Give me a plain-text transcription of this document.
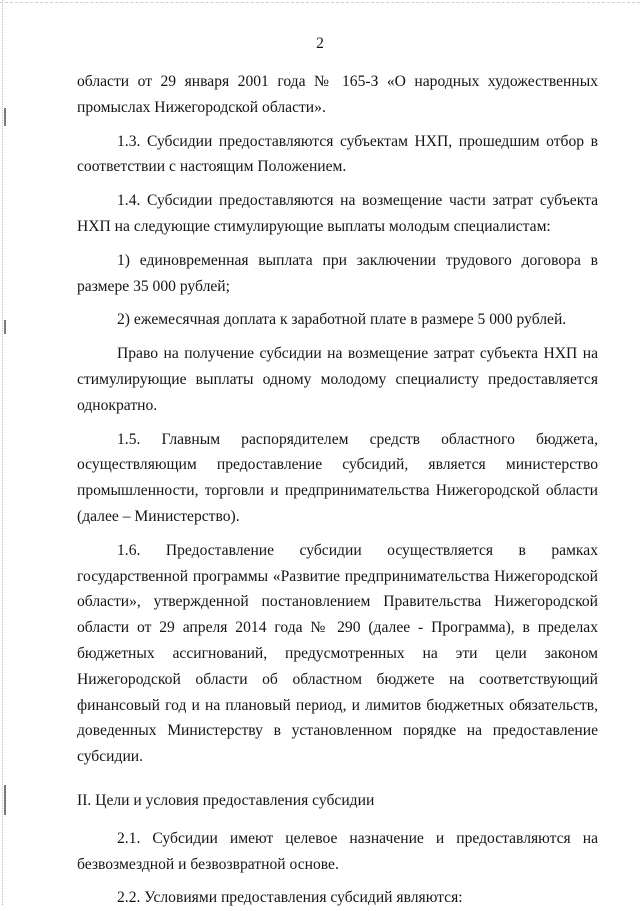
2

области от 29 января 2001 года № 165-З «О народных художественных промыслах Нижегородской области».

1.3. Субсидии предоставляются субъектам НХП, прошедшим отбор в соответствии с настоящим Положением.

1.4. Субсидии предоставляются на возмещение части затрат субъекта НХП на следующие стимулирующие выплаты молодым специалистам:

1) единовременная выплата при заключении трудового договора в размере 35 000 рублей;

2) ежемесячная доплата к заработной плате в размере 5 000 рублей.

Право на получение субсидии на возмещение затрат субъекта НХП на стимулирующие выплаты одному молодому специалисту предоставляется однократно.

1.5. Главным распорядителем средств областного бюджета, осуществляющим предоставление субсидий, является министерство промышленности, торговли и предпринимательства Нижегородской области (далее – Министерство).

1.6. Предоставление субсидии осуществляется в рамках государственной программы «Развитие предпринимательства Нижегородской области», утвержденной постановлением Правительства Нижегородской области от 29 апреля 2014 года № 290 (далее - Программа), в пределах бюджетных ассигнований, предусмотренных на эти цели законом Нижегородской области об областном бюджете на соответствующий финансовый год и на плановый период, и лимитов бюджетных обязательств, доведенных Министерству в установленном порядке на предоставление субсидии.

II. Цели и условия предоставления субсидии

2.1. Субсидии имеют целевое назначение и предоставляются на безвозмездной и безвозвратной основе.

2.2. Условиями предоставления субсидий являются:
